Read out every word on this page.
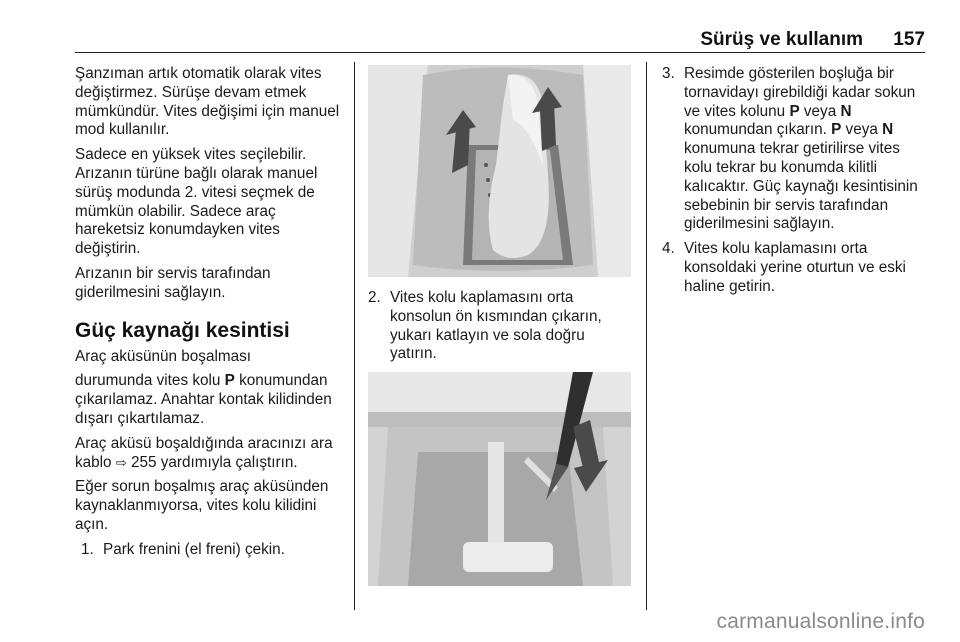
Sürüş ve kullanım 157

Şanzıman artık otomatik olarak vites değiştirmez. Sürüşe devam etmek mümkündür. Vites değişimi için manuel mod kullanılır.

Sadece en yüksek vites seçilebilir. Arızanın türüne bağlı olarak manuel sürüş modunda 2. vitesi seçmek de mümkün olabilir. Sadece araç hareketsiz konumdayken vites değiştirin.

Arızanın bir servis tarafından giderilmesini sağlayın.

Güç kaynağı kesintisi

Araç aküsünün boşalması

durumunda vites kolu P konumundan çıkarılamaz. Anahtar kontak kilidinden dışarı çıkartılamaz.

Araç aküsü boşaldığında aracınızı ara kablo ⇨ 255 yardımıyla çalıştırın.

Eğer sorun boşalmış araç aküsünden kaynaklanmıyorsa, vites kolu kilidini açın.

1. Park frenini (el freni) çekin.
2. Vites kolu kaplamasını orta konsolun ön kısmından çıkarın, yukarı katlayın ve sola doğru yatırın.
3. Resimde gösterilen boşluğa bir tornavidayı girebildiği kadar sokun ve vites kolunu P veya N konumundan çıkarın. P veya N konumuna tekrar getirilirse vites kolu tekrar bu konumda kilitli kalıcaktır. Güç kaynağı kesintisinin sebebinin bir servis tarafından giderilmesini sağlayın.
4. Vites kolu kaplamasını orta konsoldaki yerine oturtun ve eski haline getirin.
carmanualsonline.info
